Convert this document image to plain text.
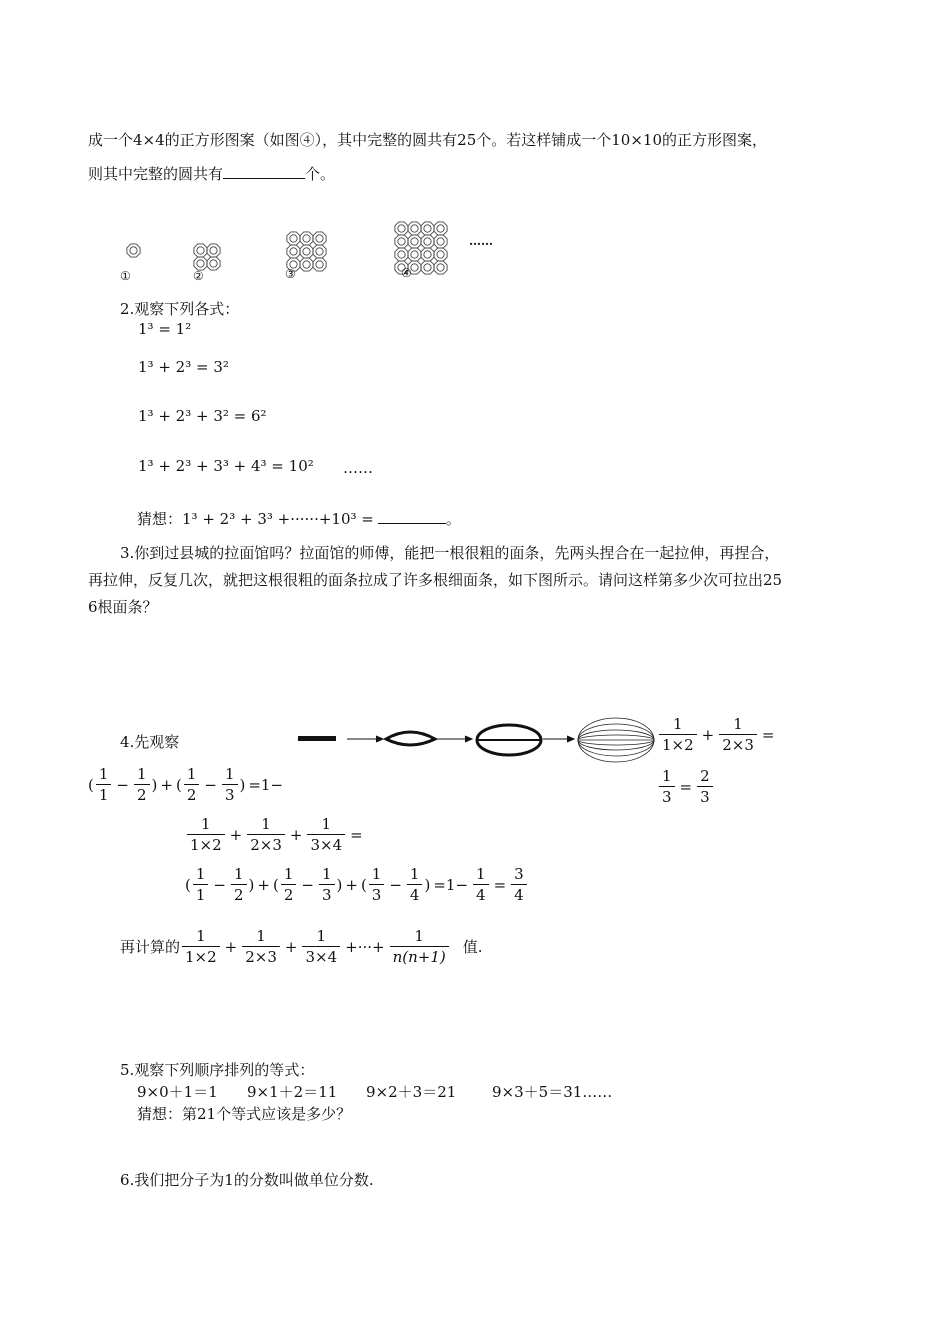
成一个4×4的正方形图案（如图④），其中完整的圆共有25个。若这样铺成一个10×10的正方形图案，
则其中完整的圆共有	个。
①	②	③	④
……
2.观察下列各式：
1³ = 1²
1³ + 2³ = 3²
1³ + 2³ + 3² = 6²
1³ + 2³ + 3³ + 4³ = 10² ……
猜想：1³ + 2³ + 3³ +······+10³ =	。
3.你到过县城的拉面馆吗？拉面馆的师傅，能把一根很粗的面条，先两头捏合在一起拉伸，再捏合，
再拉伸，反复几次，就把这根很粗的面条拉成了许多根细面条，如下图所示。请问这样第多少次可拉出25
6根面条？
4.先观察	$\frac{1}{1\times 2} + \frac{1}{2\times 3}$ =
( $\frac{1}{1} - \frac{1}{2}$ ) + ( $\frac{1}{2} - \frac{1}{3}$ ) =1−	$\frac{1}{3} = \frac{2}{3}$
$\frac{1}{1\times 2} + \frac{1}{2\times 3} + \frac{1}{3\times 4}$ =
( $\frac{1}{1} - \frac{1}{2}$ ) + ( $\frac{1}{2} - \frac{1}{3}$ ) + ( $\frac{1}{3} - \frac{1}{4}$ ) $=1- \frac{1}{4} = \frac{3}{4}$
再计算的 $\frac{1}{1\times 2} + \frac{1}{2\times 3} + \frac{1}{3\times 4}$ +···+ $\frac{1}{n(n+1)}$ 值.
5.观察下列顺序排列的等式：
9×0＋1＝1 9×1＋2＝11 9×2＋3＝21 9×3＋5＝31……
猜想：第21个等式应该是多少？
6.我们把分子为1的分数叫做单位分数.
